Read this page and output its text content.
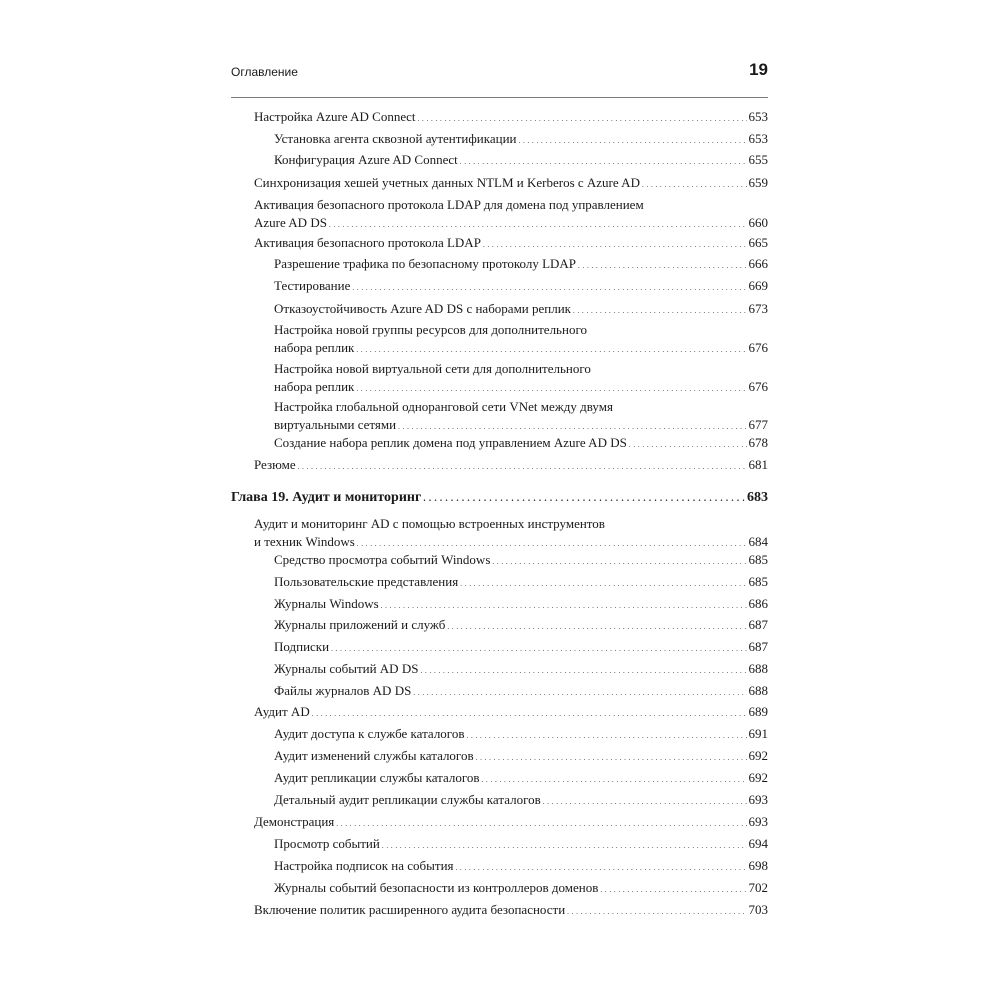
Оглавление	19
Настройка Azure AD Connect . . .	653
Установка агента сквозной аутентификации . . .	653
Конфигурация Azure AD Connect . . .	655
Синхронизация хешей учетных данных NTLM и Kerberos с Azure AD . . .	659
Активация безопасного протокола LDAP для домена под управлением
Azure AD DS . . .	660
Активация безопасного протокола LDAP . . .	665
Разрешение трафика по безопасному протоколу LDAP . . .	666
Тестирование . . .	669
Отказоустойчивость Azure AD DS с наборами реплик . . .	673
Настройка новой группы ресурсов для дополнительного
набора реплик . . .	676
Настройка новой виртуальной сети для дополнительного
набора реплик . . .	676
Настройка глобальной одноранговой сети VNet между двумя
виртуальными сетями . . .	677
Создание набора реплик домена под управлением Azure AD DS . . .	678
Резюме . . .	681
Глава 19. Аудит и мониторинг . . .	683
Аудит и мониторинг AD с помощью встроенных инструментов
и техник Windows . . .	684
Средство просмотра событий Windows . . .	685
Пользовательские представления . . .	685
Журналы Windows . . .	686
Журналы приложений и служб . . .	687
Подписки . . .	687
Журналы событий AD DS . . .	688
Файлы журналов AD DS . . .	688
Аудит AD . . .	689
Аудит доступа к службе каталогов . . .	691
Аудит изменений службы каталогов . . .	692
Аудит репликации службы каталогов . . .	692
Детальный аудит репликации службы каталогов . . .	693
Демонстрация . . .	693
Просмотр событий . . .	694
Настройка подписок на события . . .	698
Журналы событий безопасности из контроллеров доменов . . .	702
Включение политик расширенного аудита безопасности . . .	703
